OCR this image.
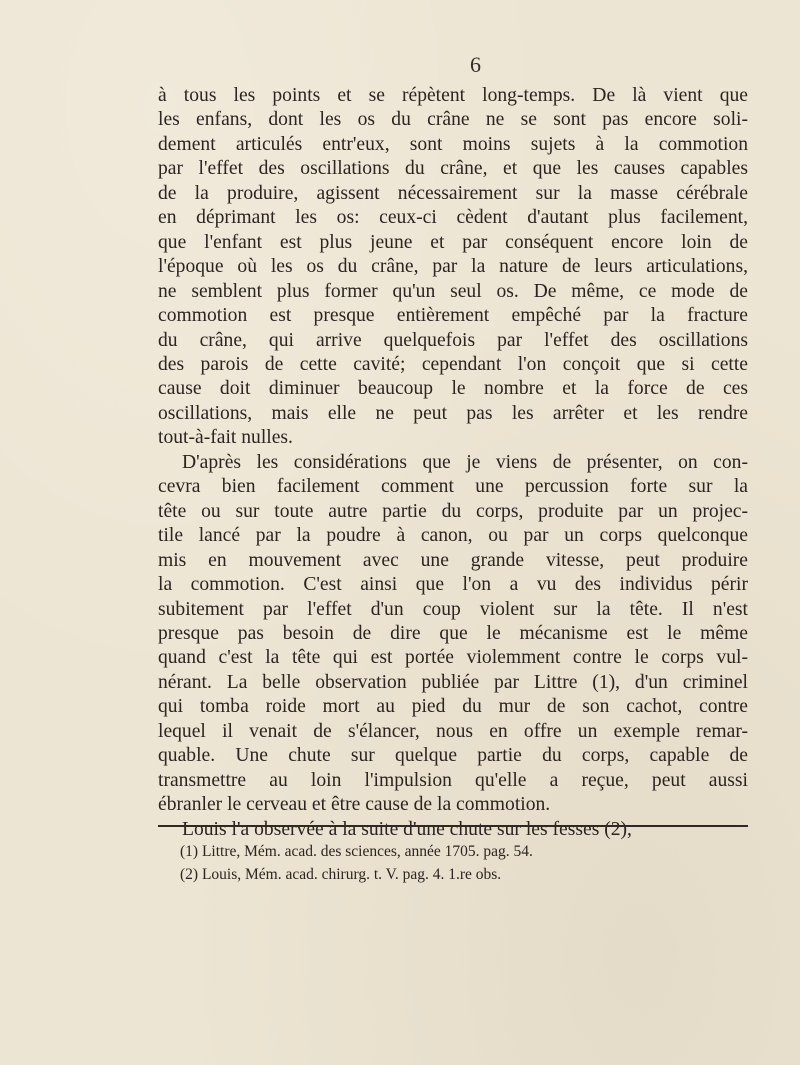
6
à tous les points et se répètent long-temps. De là vient que
les enfans, dont les os du crâne ne se sont pas encore soli-
dement articulés entr'eux, sont moins sujets à la commotion
par l'effet des oscillations du crâne, et que les causes capables
de la produire, agissent nécessairement sur la masse cérébrale
en déprimant les os: ceux-ci cèdent d'autant plus facilement,
que l'enfant est plus jeune et par conséquent encore loin de
l'époque où les os du crâne, par la nature de leurs articulations,
ne semblent plus former qu'un seul os. De même, ce mode de
commotion est presque entièrement empêché par la fracture
du crâne, qui arrive quelquefois par l'effet des oscillations
des parois de cette cavité; cependant l'on conçoit que si cette
cause doit diminuer beaucoup le nombre et la force de ces
oscillations, mais elle ne peut pas les arrêter et les rendre
tout-à-fait nulles.
D'après les considérations que je viens de présenter, on con-
cevra bien facilement comment une percussion forte sur la
tête ou sur toute autre partie du corps, produite par un projec-
tile lancé par la poudre à canon, ou par un corps quelconque
mis en mouvement avec une grande vitesse, peut produire
la commotion. C'est ainsi que l'on a vu des individus périr
subitement par l'effet d'un coup violent sur la tête. Il n'est
presque pas besoin de dire que le mécanisme est le même
quand c'est la tête qui est portée violemment contre le corps vul-
nérant. La belle observation publiée par Littre (1), d'un criminel
qui tomba roide mort au pied du mur de son cachot, contre
lequel il venait de s'élancer, nous en offre un exemple remar-
quable. Une chute sur quelque partie du corps, capable de
transmettre au loin l'impulsion qu'elle a reçue, peut aussi
ébranler le cerveau et être cause de la commotion.
Louis l'a observée à la suite d'une chute sur les fesses (2),
(1) Littre, Mém. acad. des sciences, année 1705. pag. 54.
(2) Louis, Mém. acad. chirurg. t. V. pag. 4. 1.re obs.
